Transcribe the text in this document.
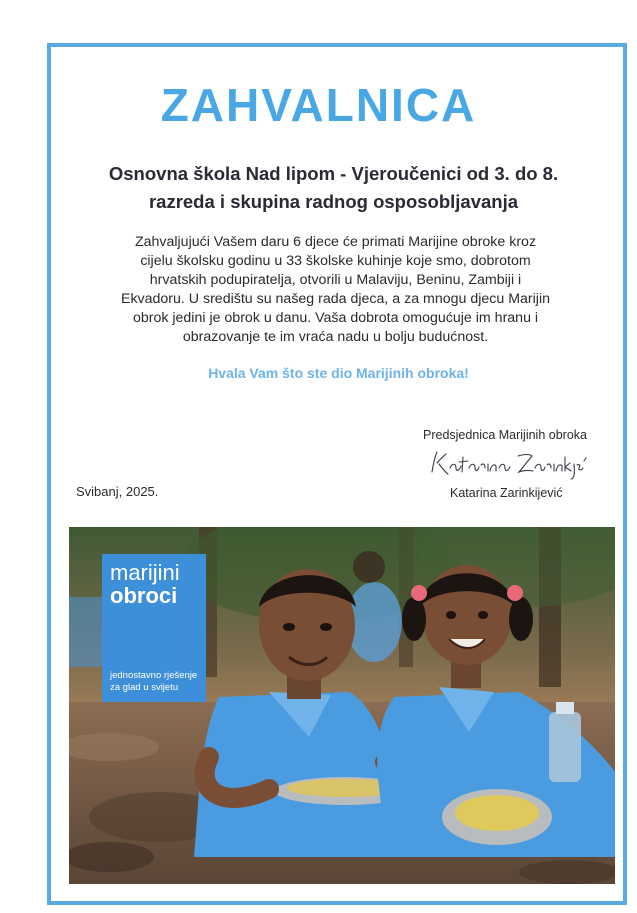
ZAHVALNICA
Osnovna škola Nad lipom - Vjeroučenici od 3. do 8.
razreda i skupina radnog osposobljavanja
Zahvaljujući Vašem daru 6 djece će primati Marijine obroke kroz
cijelu školsku godinu u 33 školske kuhinje koje smo, dobrotom
hrvatskih podupiratelja, otvorili u Malaviju, Beninu, Zambiji i
Ekvadoru. U središtu su našeg rada djeca, a za mnogu djecu Marijin
obrok jedini je obrok u danu. Vaša dobrota omogućuje im hranu i
obrazovanje te im vraća nadu u bolju budućnost.
Hvala Vam što ste dio Marijinih obroka!
Predsjednica Marijinih obroka
Svibanj, 2025.	Katarina Zarinkijević
marijini
obroci
jednostavno rješenje
za glad u svijetu
